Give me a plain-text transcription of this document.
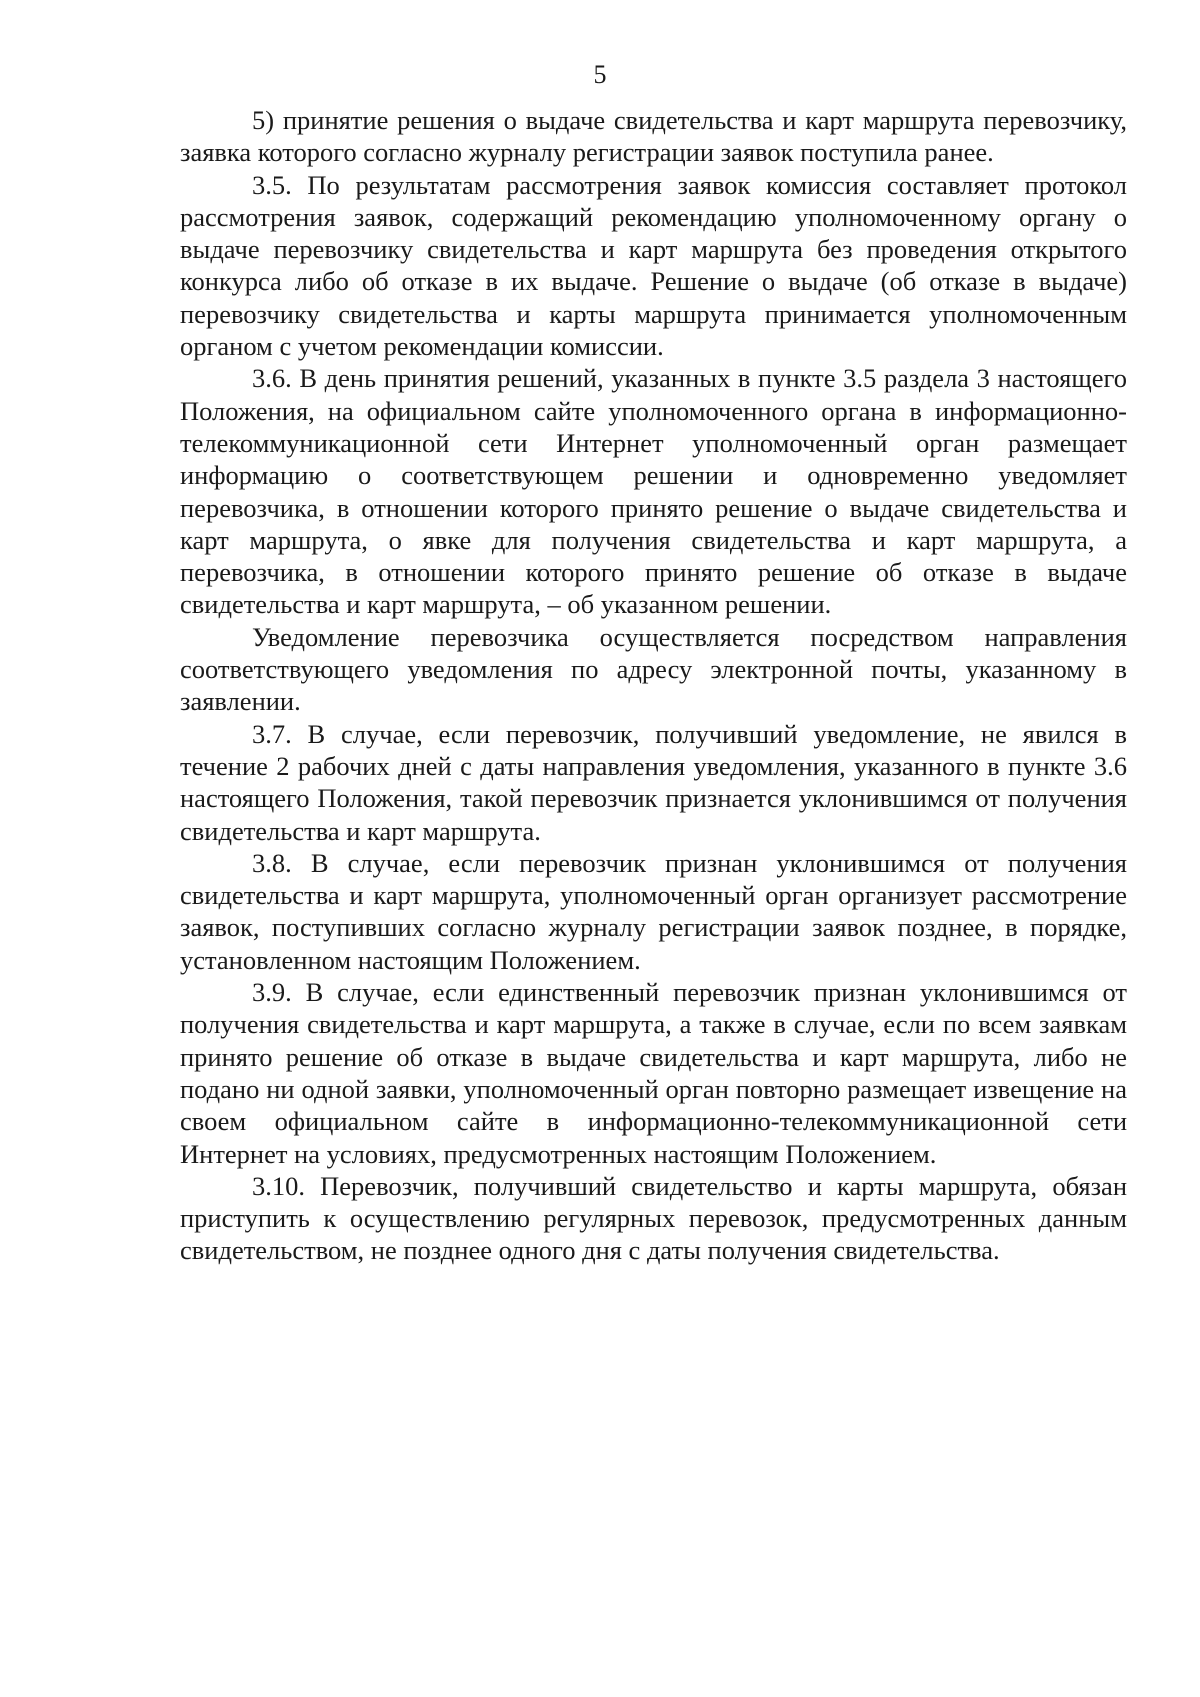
5

5) принятие решения о выдаче свидетельства и карт маршрута перевозчику, заявка которого согласно журналу регистрации заявок поступила ранее.

3.5. По результатам рассмотрения заявок комиссия составляет протокол рассмотрения заявок, содержащий рекомендацию уполномоченному органу о выдаче перевозчику свидетельства и карт маршрута без проведения открытого конкурса либо об отказе в их выдаче. Решение о выдаче (об отказе в выдаче) перевозчику свидетельства и карты маршрута принимается уполномоченным органом с учетом рекомендации комиссии.

3.6. В день принятия решений, указанных в пункте 3.5 раздела 3 настоящего Положения, на официальном сайте уполномоченного органа в информационно-телекоммуникационной сети Интернет уполномоченный орган размещает информацию о соответствующем решении и одновременно уведомляет перевозчика, в отношении которого принято решение о выдаче свидетельства и карт маршрута, о явке для получения свидетельства и карт маршрута, а перевозчика, в отношении которого принято решение об отказе в выдаче свидетельства и карт маршрута, – об указанном решении.

Уведомление перевозчика осуществляется посредством направления соответствующего уведомления по адресу электронной почты, указанному в заявлении.

3.7. В случае, если перевозчик, получивший уведомление, не явился в течение 2 рабочих дней с даты направления уведомления, указанного в пункте 3.6 настоящего Положения, такой перевозчик признается уклонившимся от получения свидетельства и карт маршрута.

3.8. В случае, если перевозчик признан уклонившимся от получения свидетельства и карт маршрута, уполномоченный орган организует рассмотрение заявок, поступивших согласно журналу регистрации заявок позднее, в порядке, установленном настоящим Положением.

3.9. В случае, если единственный перевозчик признан уклонившимся от получения свидетельства и карт маршрута, а также в случае, если по всем заявкам принято решение об отказе в выдаче свидетельства и карт маршрута, либо не подано ни одной заявки, уполномоченный орган повторно размещает извещение на своем официальном сайте в информационно-телекоммуникационной сети Интернет на условиях, предусмотренных настоящим Положением.

3.10. Перевозчик, получивший свидетельство и карты маршрута, обязан приступить к осуществлению регулярных перевозок, предусмотренных данным свидетельством, не позднее одного дня с даты получения свидетельства.
